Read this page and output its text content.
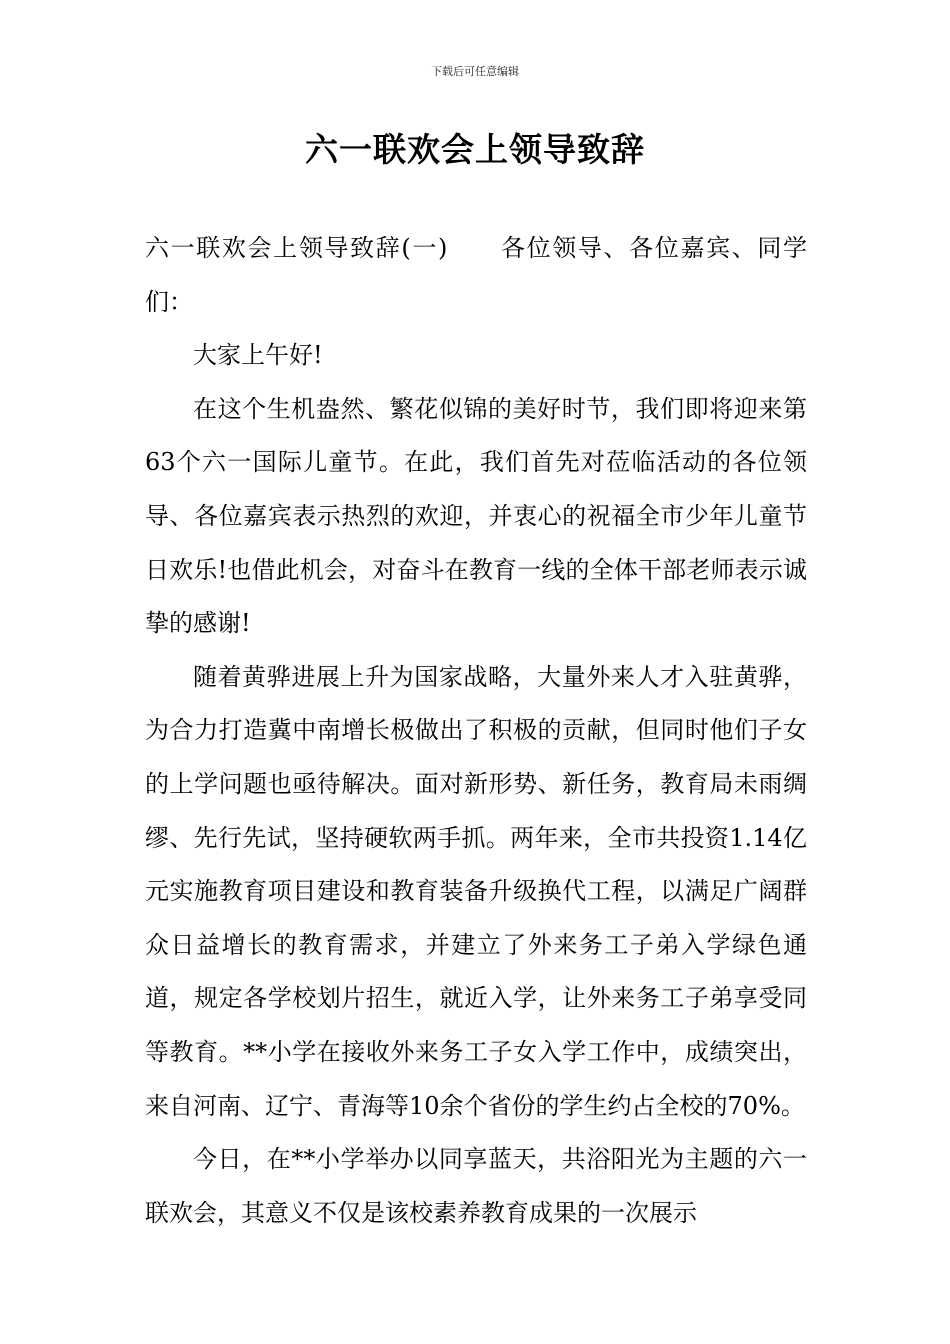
下载后可任意编辑
六一联欢会上领导致辞

六一联欢会上领导致辞(一) 各位领导、各位嘉宾、同学们：

大家上午好!

在这个生机盎然、繁花似锦的美好时节，我们即将迎来第63个六一国际儿童节。在此，我们首先对莅临活动的各位领导、各位嘉宾表示热烈的欢迎，并衷心的祝福全市少年儿童节日欢乐!也借此机会，对奋斗在教育一线的全体干部老师表示诚挚的感谢!

随着黄骅进展上升为国家战略，大量外来人才入驻黄骅，为合力打造冀中南增长极做出了积极的贡献，但同时他们子女的上学问题也亟待解决。面对新形势、新任务，教育局未雨绸缪、先行先试，坚持硬软两手抓。两年来，全市共投资1.14亿元实施教育项目建设和教育装备升级换代工程，以满足广阔群众日益增长的教育需求，并建立了外来务工子弟入学绿色通道，规定各学校划片招生，就近入学，让外来务工子弟享受同等教育。**小学在接收外来务工子女入学工作中，成绩突出，来自河南、辽宁、青海等10余个省份的学生约占全校的70%。

今日，在**小学举办以同享蓝天，共浴阳光为主题的六一联欢会，其意义不仅是该校素养教育成果的一次展示
